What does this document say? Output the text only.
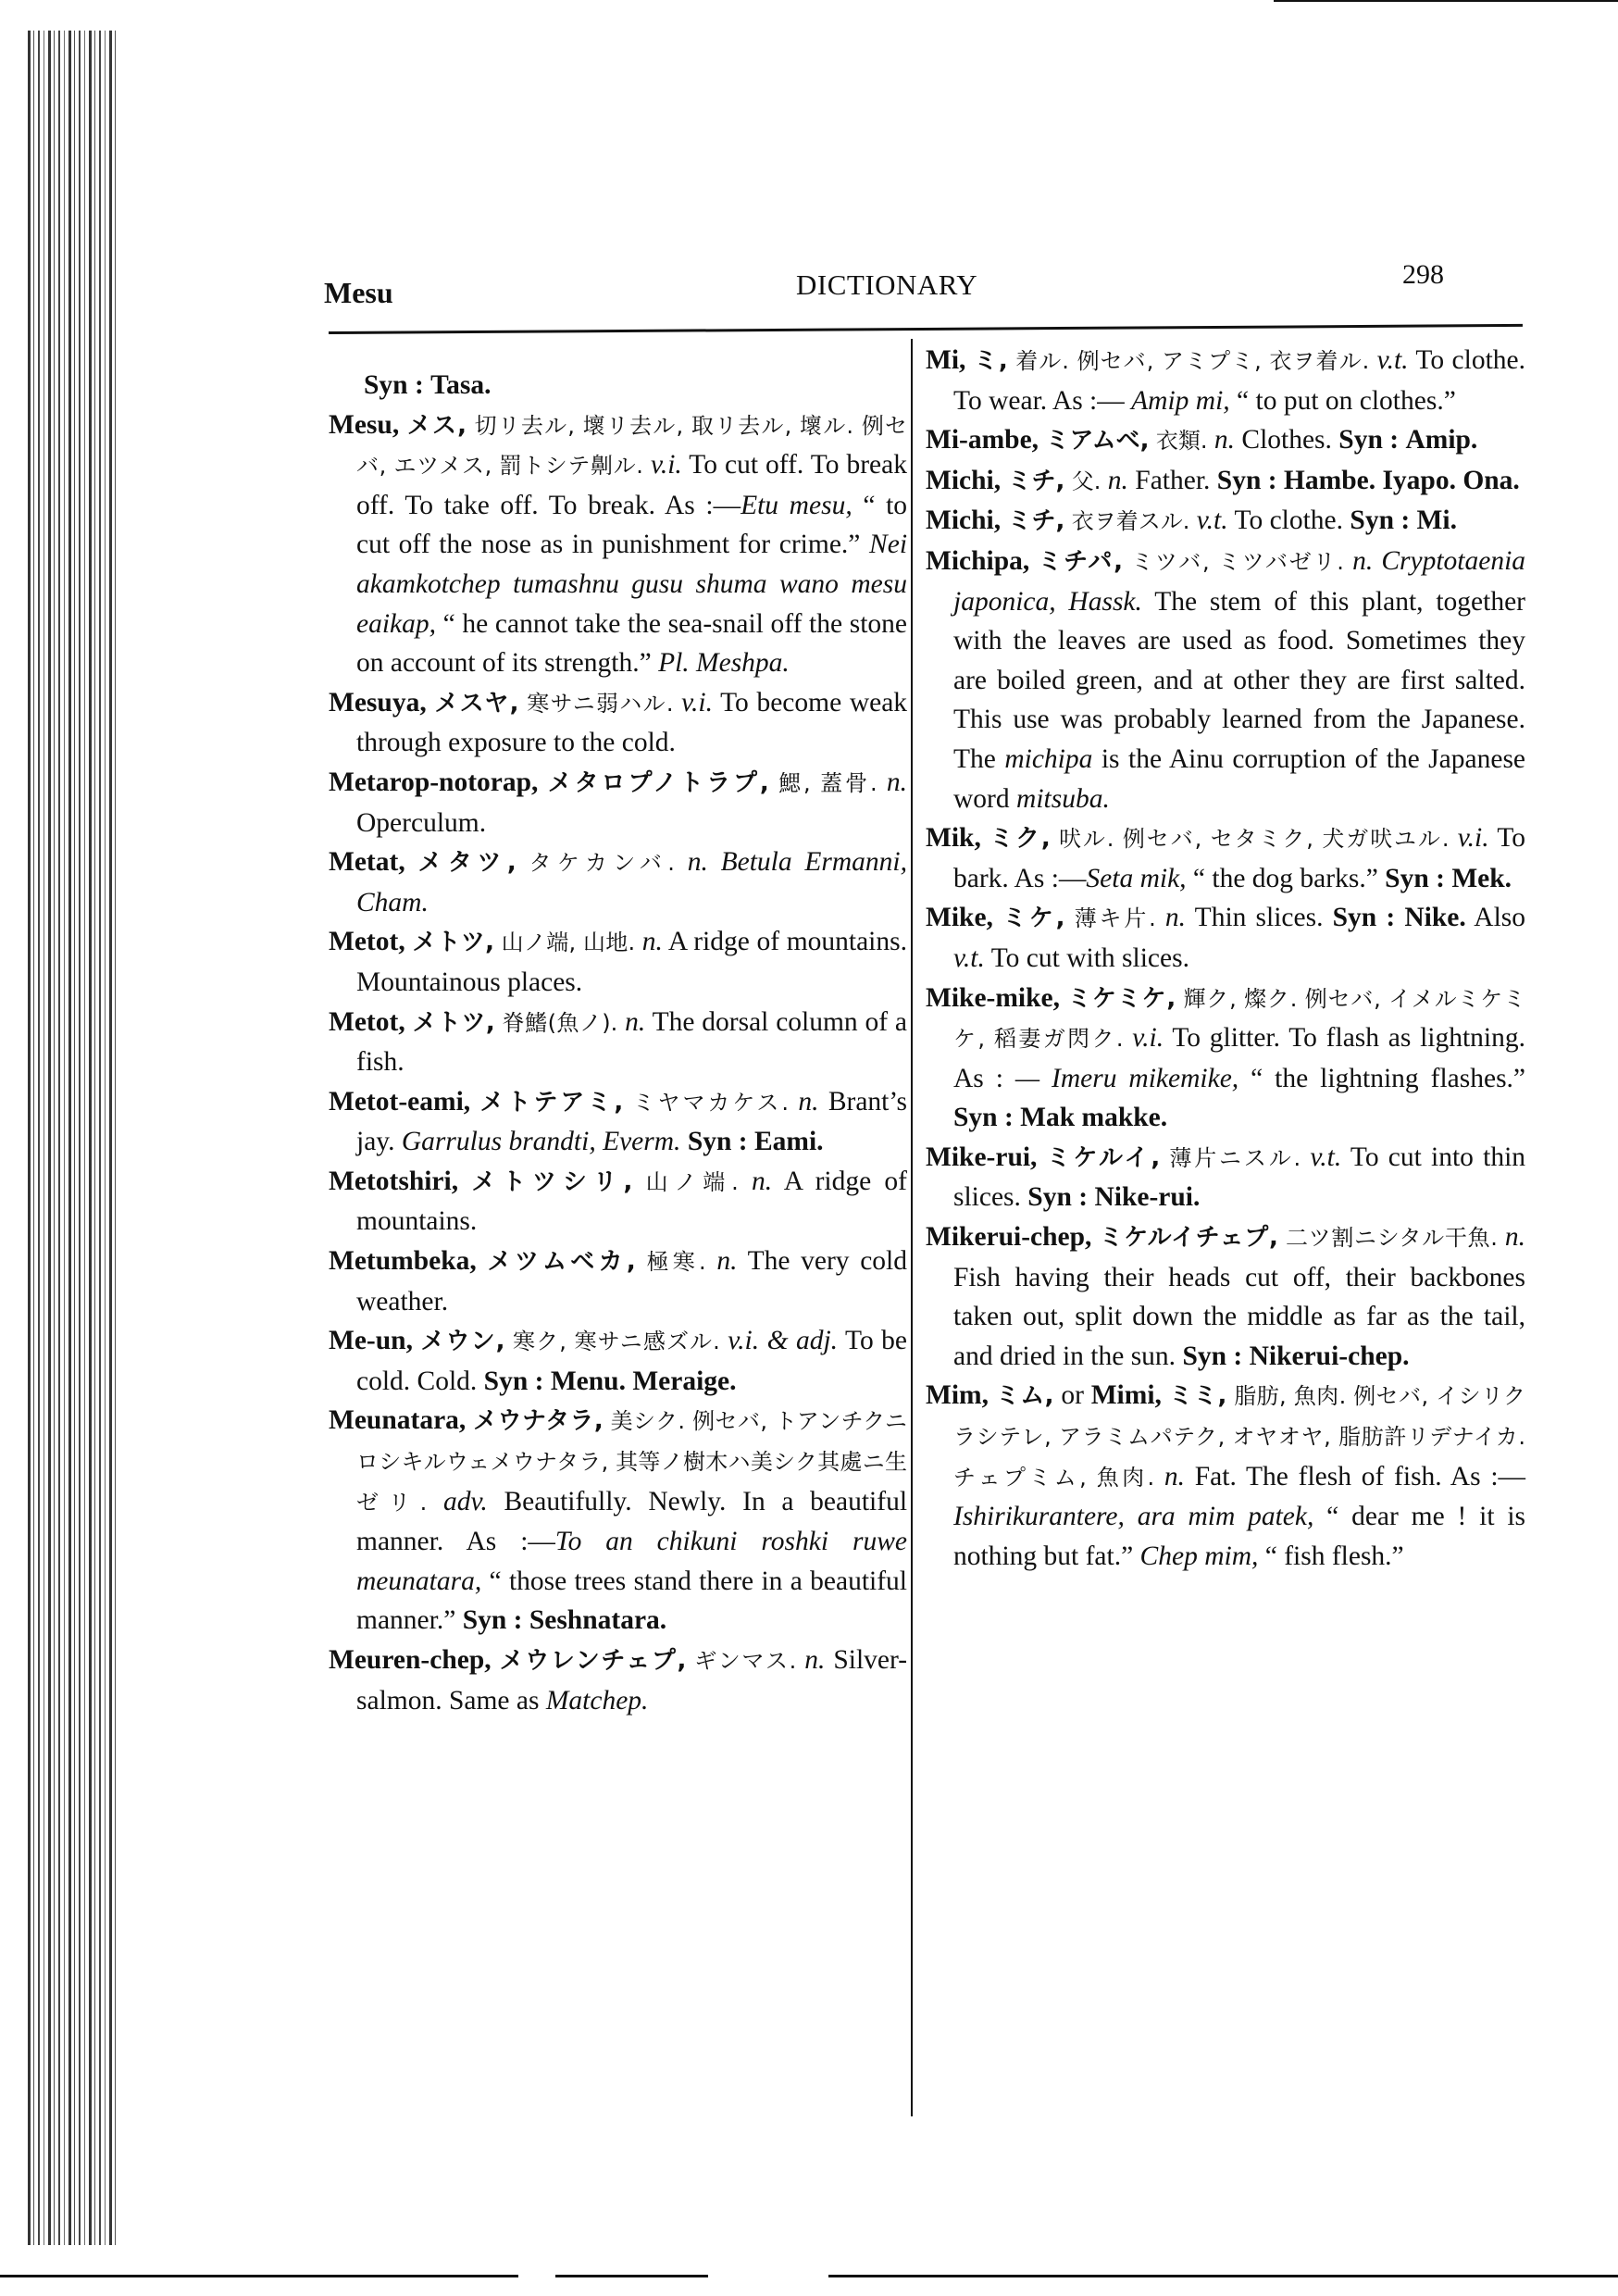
Mesu	DICTIONARY	298

Syn : Tasa.

Mesu, メス, 切リ去ル, 壞リ去ル, 取リ去ル, 壞ル. 例セバ, エツメス, 罰トシテ劓ル. v.i. To cut off. To break off. To take off. To break. As :—Etu mesu, “ to cut off the nose as in punishment for crime.” Nei akamkotchep tumashnu gusu shuma wano mesu eaikap, “ he cannot take the sea-snail off the stone on account of its strength.” Pl. Meshpa.

Mesuya, メスヤ, 寒サニ弱ハル. v.i. To become weak through exposure to the cold.

Metarop-notorap, メタロプノトラプ, 鰓, 蓋骨. n. Operculum.

Metat, メタツ, タケカンバ. n. Betula Ermanni, Cham.

Metot, メトツ, 山ノ端, 山地. n. A ridge of mountains. Mountainous places.

Metot, メトツ, 脊鰭(魚ノ). n. The dorsal column of a fish.

Metot-eami, メトテアミ, ミヤマカケス. n. Brant’s jay. Garrulus brandti, Everm. Syn : Eami.

Metotshiri, メトツシリ, 山ノ端. n. A ridge of mountains.

Metumbeka, メツムベカ, 極寒. n. The very cold weather.

Me-un, メウン, 寒ク, 寒サニ感ズル. v.i. & adj. To be cold. Cold. Syn : Menu. Meraige.

Meunatara, メウナタラ, 美シク. 例セバ, トアンチクニロシキルウェメウナタラ, 其等ノ樹木ハ美シク其處ニ生ゼリ. adv. Beautifully. Newly. In a beautiful manner. As :—To an chikuni roshki ruwe meunatara, “ those trees stand there in a beautiful manner.” Syn : Seshnatara.

Meuren-chep, メウレンチェプ, ギンマス. n. Silver-salmon. Same as Matchep.

Mi, ミ, 着ル. 例セバ, アミプミ, 衣ヲ着ル. v.t. To clothe. To wear. As :— Amip mi, “ to put on clothes.”

Mi-ambe, ミアムベ, 衣類. n. Clothes. Syn : Amip.

Michi, ミチ, 父. n. Father. Syn : Hambe. Iyapo. Ona.

Michi, ミチ, 衣ヲ着スル. v.t. To clothe. Syn : Mi.

Michipa, ミチパ, ミツバ, ミツバゼリ. n. Cryptotaenia japonica, Hassk. The stem of this plant, together with the leaves are used as food. Sometimes they are boiled green, and at other they are first salted. This use was probably learned from the Japanese. The michipa is the Ainu corruption of the Japanese word mitsuba.

Mik, ミク, 吠ル. 例セバ, セタミク, 犬ガ吠ユル. v.i. To bark. As :—Seta mik, “ the dog barks.” Syn : Mek.

Mike, ミケ, 薄キ片. n. Thin slices. Syn : Nike. Also v.t. To cut with slices.

Mike-mike, ミケミケ, 輝ク, 燦ク. 例セバ, イメルミケミケ, 稻妻ガ閃ク. v.i. To glitter. To flash as lightning. As : — Imeru mikemike, “ the lightning flashes.” Syn : Mak makke.

Mike-rui, ミケルイ, 薄片ニスル. v.t. To cut into thin slices. Syn : Nike-rui.

Mikerui-chep, ミケルイチェプ, 二ツ割ニシタル干魚. n. Fish having their heads cut off, their backbones taken out, split down the middle as far as the tail, and dried in the sun. Syn : Nikerui-chep.

Mim, ミム, or Mimi, ミミ, 脂肪, 魚肉. 例セバ, イシリクラシテレ, アラミムパテク, オヤオヤ, 脂肪許リデナイカ. チェプミム, 魚肉. n. Fat. The flesh of fish. As :—Ishirikurantere, ara mim patek, “ dear me ! it is nothing but fat.” Chep mim, “ fish flesh.”
